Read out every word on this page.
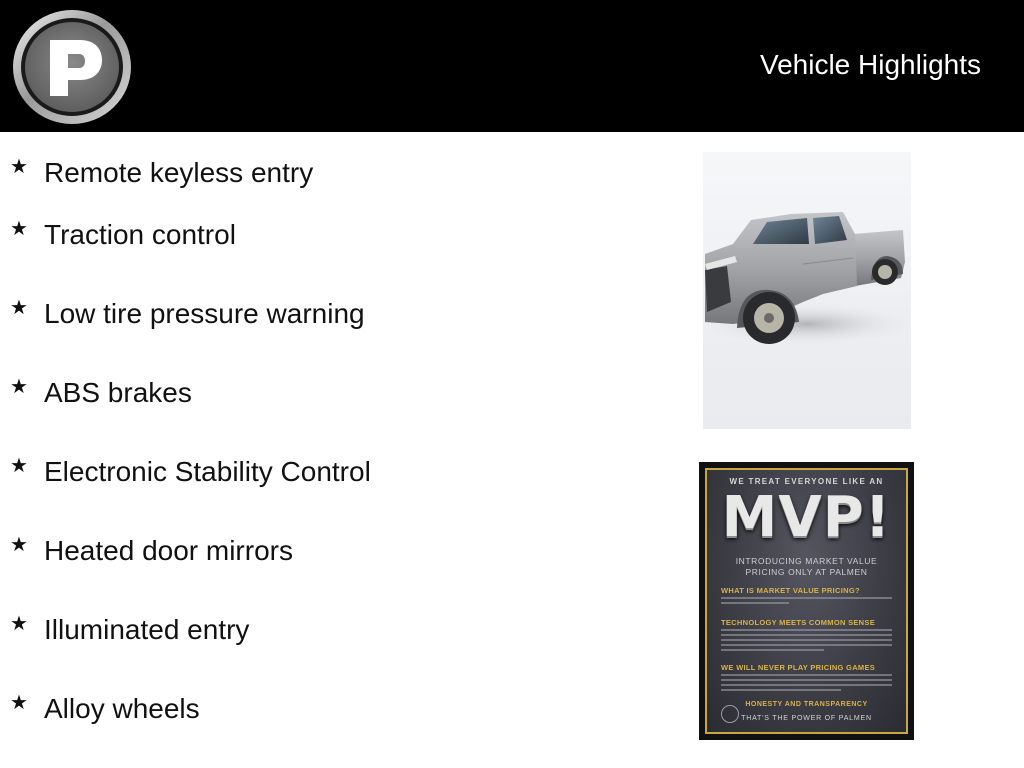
Vehicle Highlights
★ Remote keyless entry
★ Traction control
★ Low tire pressure warning
★ ABS brakes
★ Electronic Stability Control
★ Heated door mirrors
★ Illuminated entry
★ Alloy wheels
WE TREAT EVERYONE LIKE AN
MVP!
INTRODUCING MARKET VALUE
PRICING ONLY AT PALMEN
WHAT IS MARKET VALUE PRICING?
TECHNOLOGY MEETS COMMON SENSE
WE WILL NEVER PLAY PRICING GAMES
HONESTY AND TRANSPARENCY
THAT'S THE POWER OF PALMEN
